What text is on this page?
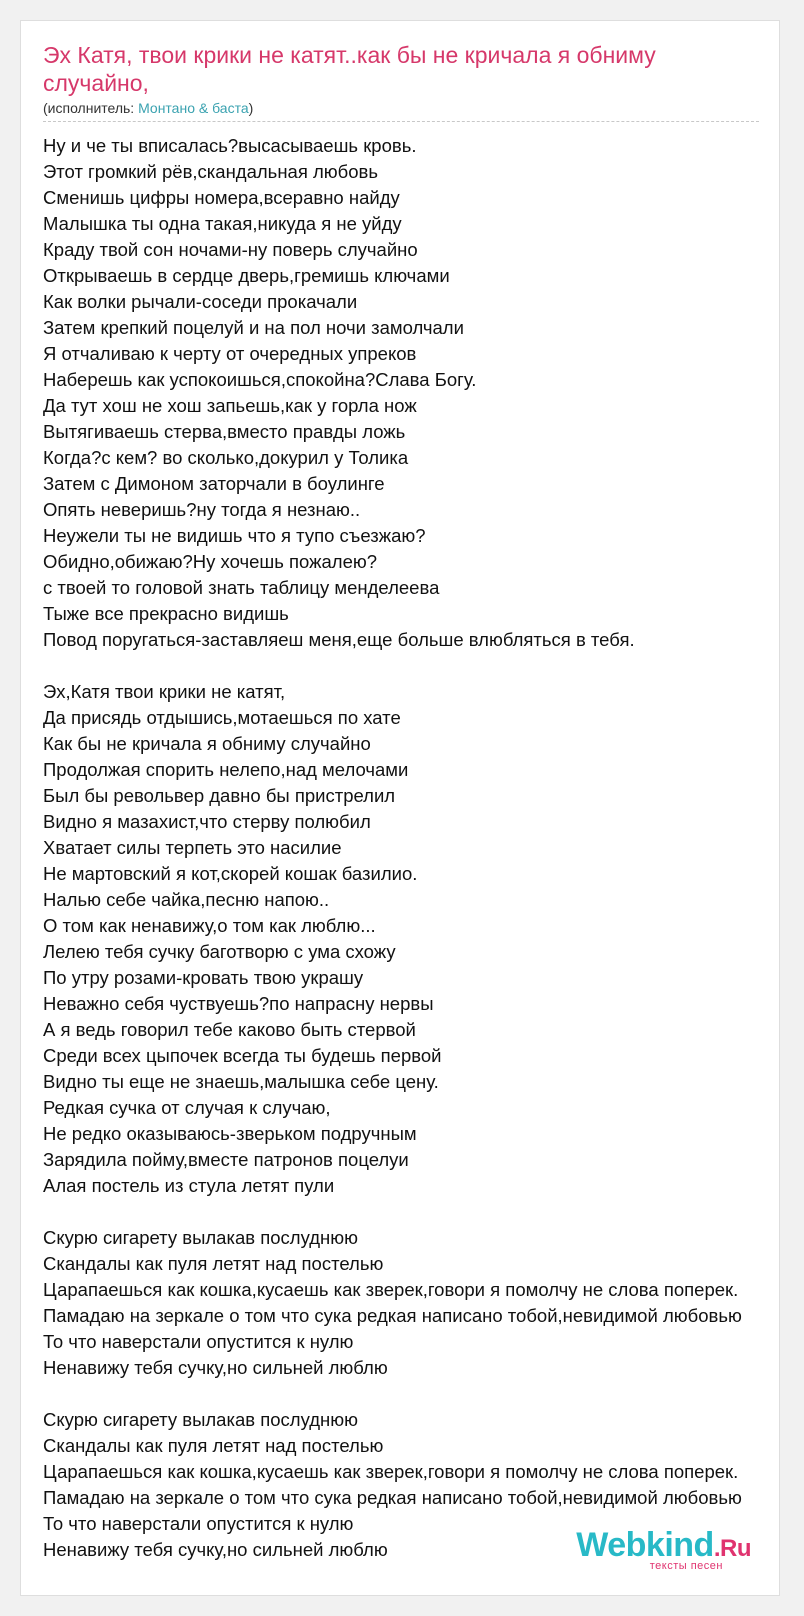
Эх Катя, твои крики не катят..как бы не кричала я обниму случайно,
(исполнитель: Монтано & баста)
Ну и че ты вписалась?высасываешь кровь.
Этот громкий рёв,скандальная любовь
Сменишь цифры номера,всеравно найду
Малышка ты одна такая,никуда я не уйду
Краду твой сон ночами-ну поверь случайно
Открываешь в сердце дверь,гремишь ключами
Как волки рычали-соседи прокачали
Затем крепкий поцелуй и на пол ночи замолчали
Я отчаливаю к черту от очередных упреков
Наберешь как успокоишься,спокойна?Слава Богу.
Да тут хош не хош запьешь,как у горла нож
Вытягиваешь стерва,вместо правды ложь
Когда?с кем? во сколько,докурил у Толика
Затем с Димоном заторчали в боулинге
Опять неверишь?ну тогда я незнаю..
Неужели ты не видишь что я тупо съезжаю?
Обидно,обижаю?Ну хочешь пожалею?
с твоей то головой знать таблицу менделеева
Тыже все прекрасно видишь
Повод поругаться-заставляеш меня,еще больше влюбляться в тебя.
Эх,Катя твои крики не катят,
Да присядь отдышись,мотаешься по хате
Как бы не кричала я обниму случайно
Продолжая спорить нелепо,над мелочами
Был бы револьвер давно бы пристрелил
Видно я мазахист,что стерву полюбил
Хватает силы терпеть это насилие
Не мартовский я кот,скорей кошак базилио.
Налью себе чайка,песню напою..
О том как ненавижу,о том как люблю...
Лелею тебя сучку баготворю с ума схожу
По утру розами-кровать твою украшу
Неважно себя чуствуешь?по напрасну нервы
А я ведь говорил тебе каково быть стервой
Среди всех цыпочек всегда ты будешь первой
Видно ты еще не знаешь,малышка себе цену.
Редкая сучка от случая к случаю,
Не редко оказываюсь-зверьком подручным
Зарядила пойму,вместе патронов поцелуи
Алая постель из стула летят пули
Скурю сигарету вылакав послуднюю
Скандалы как пуля летят над постелью
Царапаешься как кошка,кусаешь как зверек,говори я помолчу не слова поперек.
Памадаю на зеркале о том что сука редкая написано тобой,невидимой любовью
То что наверстали опустится к нулю
Ненавижу тебя сучку,но сильней люблю
Скурю сигарету вылакав послуднюю
Скандалы как пуля летят над постелью
Царапаешься как кошка,кусаешь как зверек,говори я помолчу не слова поперек.
Памадаю на зеркале о том что сука редкая написано тобой,невидимой любовью
То что наверстали опустится к нулю
Ненавижу тебя сучку,но сильней люблю	Webkind.Ru
тексты песен
